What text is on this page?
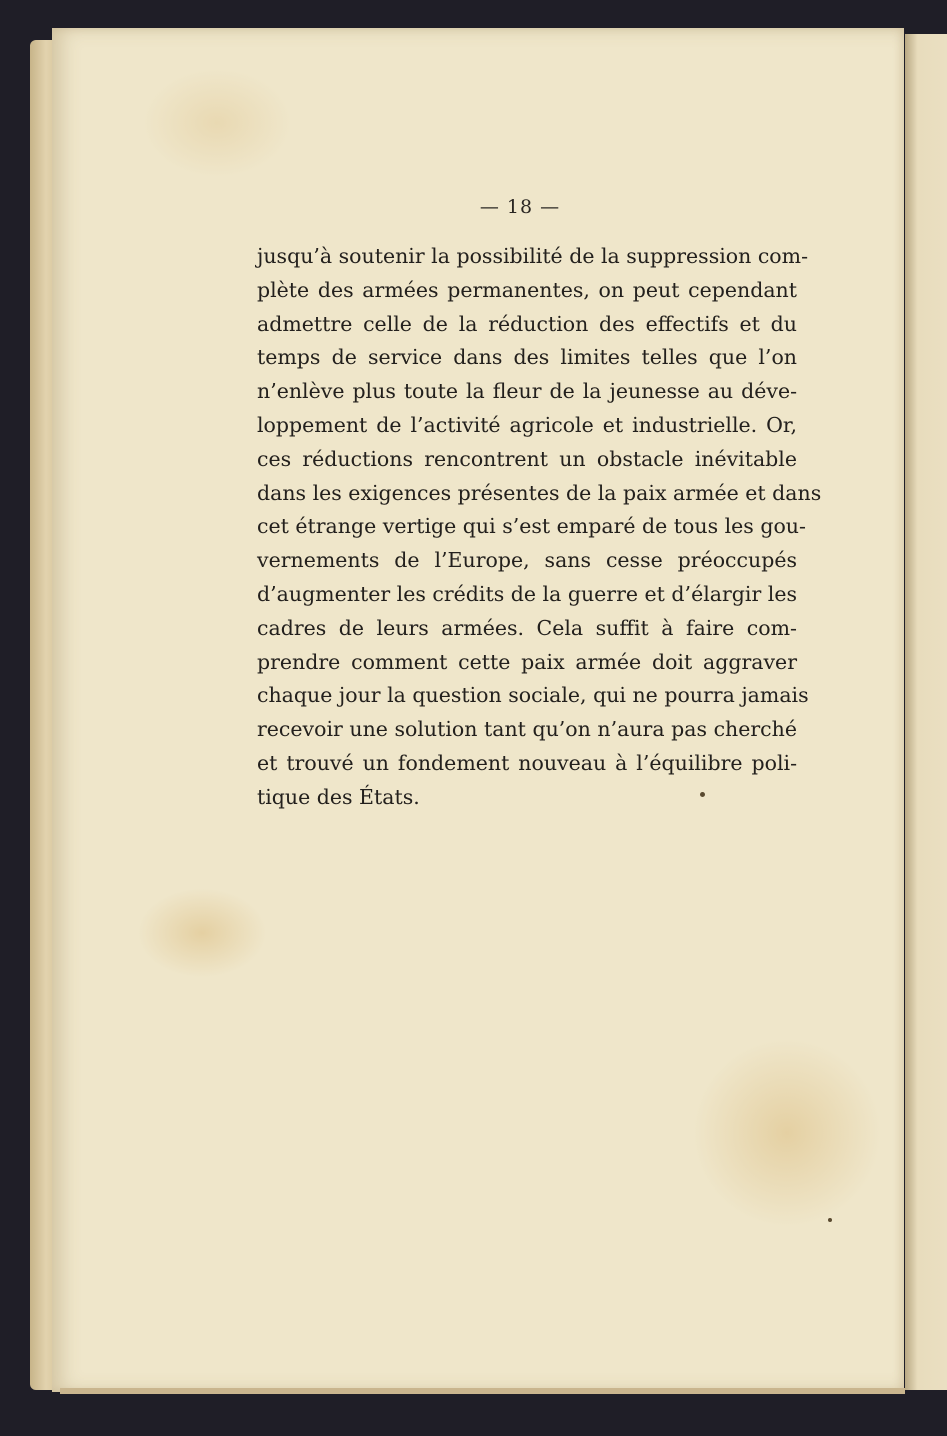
— 18 —
jusqu’à soutenir la possibilité de la suppression com-
plète des armées permanentes, on peut cependant
admettre celle de la réduction des effectifs et du
temps de service dans des limites telles que l’on
n’enlève plus toute la fleur de la jeunesse au déve-
loppement de l’activité agricole et industrielle. Or,
ces réductions rencontrent un obstacle inévitable
dans les exigences présentes de la paix armée et dans
cet étrange vertige qui s’est emparé de tous les gou-
vernements de l’Europe, sans cesse préoccupés
d’augmenter les crédits de la guerre et d’élargir les
cadres de leurs armées. Cela suffit à faire com-
prendre comment cette paix armée doit aggraver
chaque jour la question sociale, qui ne pourra jamais
recevoir une solution tant qu’on n’aura pas cherché
et trouvé un fondement nouveau à l’équilibre poli-
tique des États.
